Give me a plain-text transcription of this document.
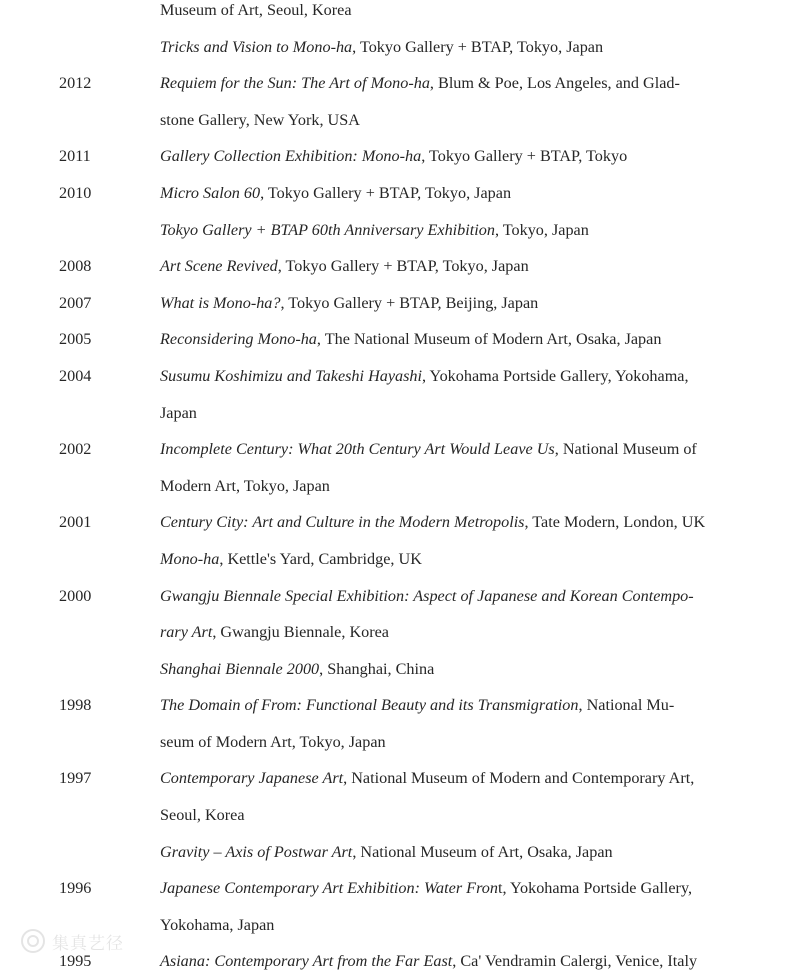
Museum of Art, Seoul, Korea
Tricks and Vision to Mono-ha, Tokyo Gallery + BTAP, Tokyo, Japan
2012	Requiem for the Sun: The Art of Mono-ha, Blum & Poe, Los Angeles, and Glad-
stone Gallery, New York, USA
2011	Gallery Collection Exhibition: Mono-ha, Tokyo Gallery + BTAP, Tokyo
2010	Micro Salon 60, Tokyo Gallery + BTAP, Tokyo, Japan
Tokyo Gallery + BTAP 60th Anniversary Exhibition, Tokyo, Japan
2008	Art Scene Revived, Tokyo Gallery + BTAP, Tokyo, Japan
2007	What is Mono-ha?, Tokyo Gallery + BTAP, Beijing, Japan
2005	Reconsidering Mono-ha, The National Museum of Modern Art, Osaka, Japan
2004	Susumu Koshimizu and Takeshi Hayashi, Yokohama Portside Gallery, Yokohama,
Japan
2002	Incomplete Century: What 20th Century Art Would Leave Us, National Museum of
Modern Art, Tokyo, Japan
2001	Century City: Art and Culture in the Modern Metropolis, Tate Modern, London, UK
Mono-ha, Kettle's Yard, Cambridge, UK
2000	Gwangju Biennale Special Exhibition: Aspect of Japanese and Korean Contempo-
rary Art, Gwangju Biennale, Korea
Shanghai Biennale 2000, Shanghai, China
1998	The Domain of From: Functional Beauty and its Transmigration, National Mu-
seum of Modern Art, Tokyo, Japan
1997	Contemporary Japanese Art, National Museum of Modern and Contemporary Art,
Seoul, Korea
Gravity – Axis of Postwar Art, National Museum of Art, Osaka, Japan
1996	Japanese Contemporary Art Exhibition: Water Front, Yokohama Portside Gallery,
Yokohama, Japan
1995	Asiana: Contemporary Art from the Far East, Ca' Vendramin Calergi, Venice, Italy
集真艺径
